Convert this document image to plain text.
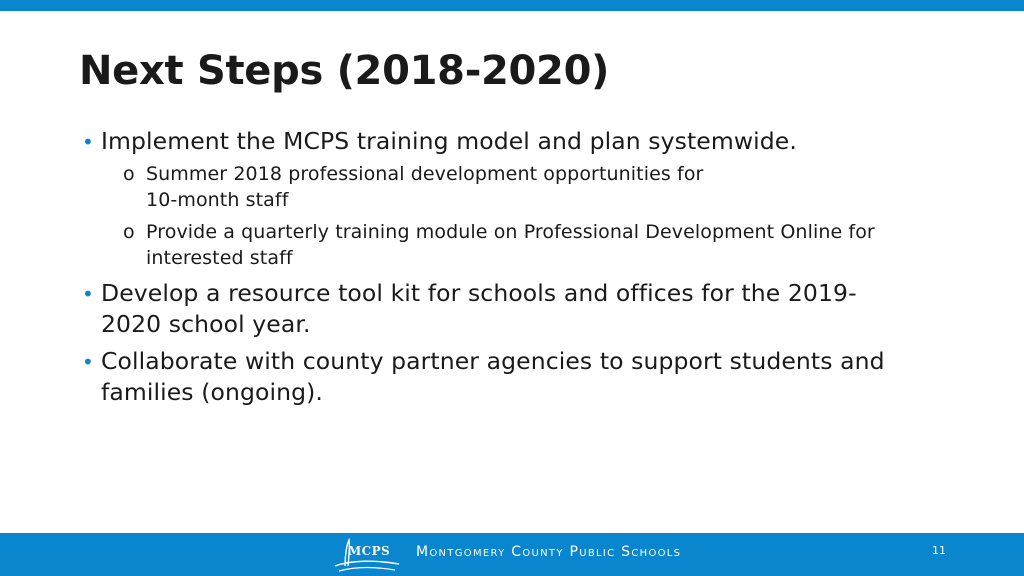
Next Steps (2018-2020)
• Implement the MCPS training model and plan systemwide.
o Summer 2018 professional development opportunities for
10-month staff
o Provide a quarterly training module on Professional Development Online for
interested staff
• Develop a resource tool kit for schools and offices for the 2019-
2020 school year.
• Collaborate with county partner agencies to support students and
families (ongoing).
MCPS Montgomery County Public Schools	11
